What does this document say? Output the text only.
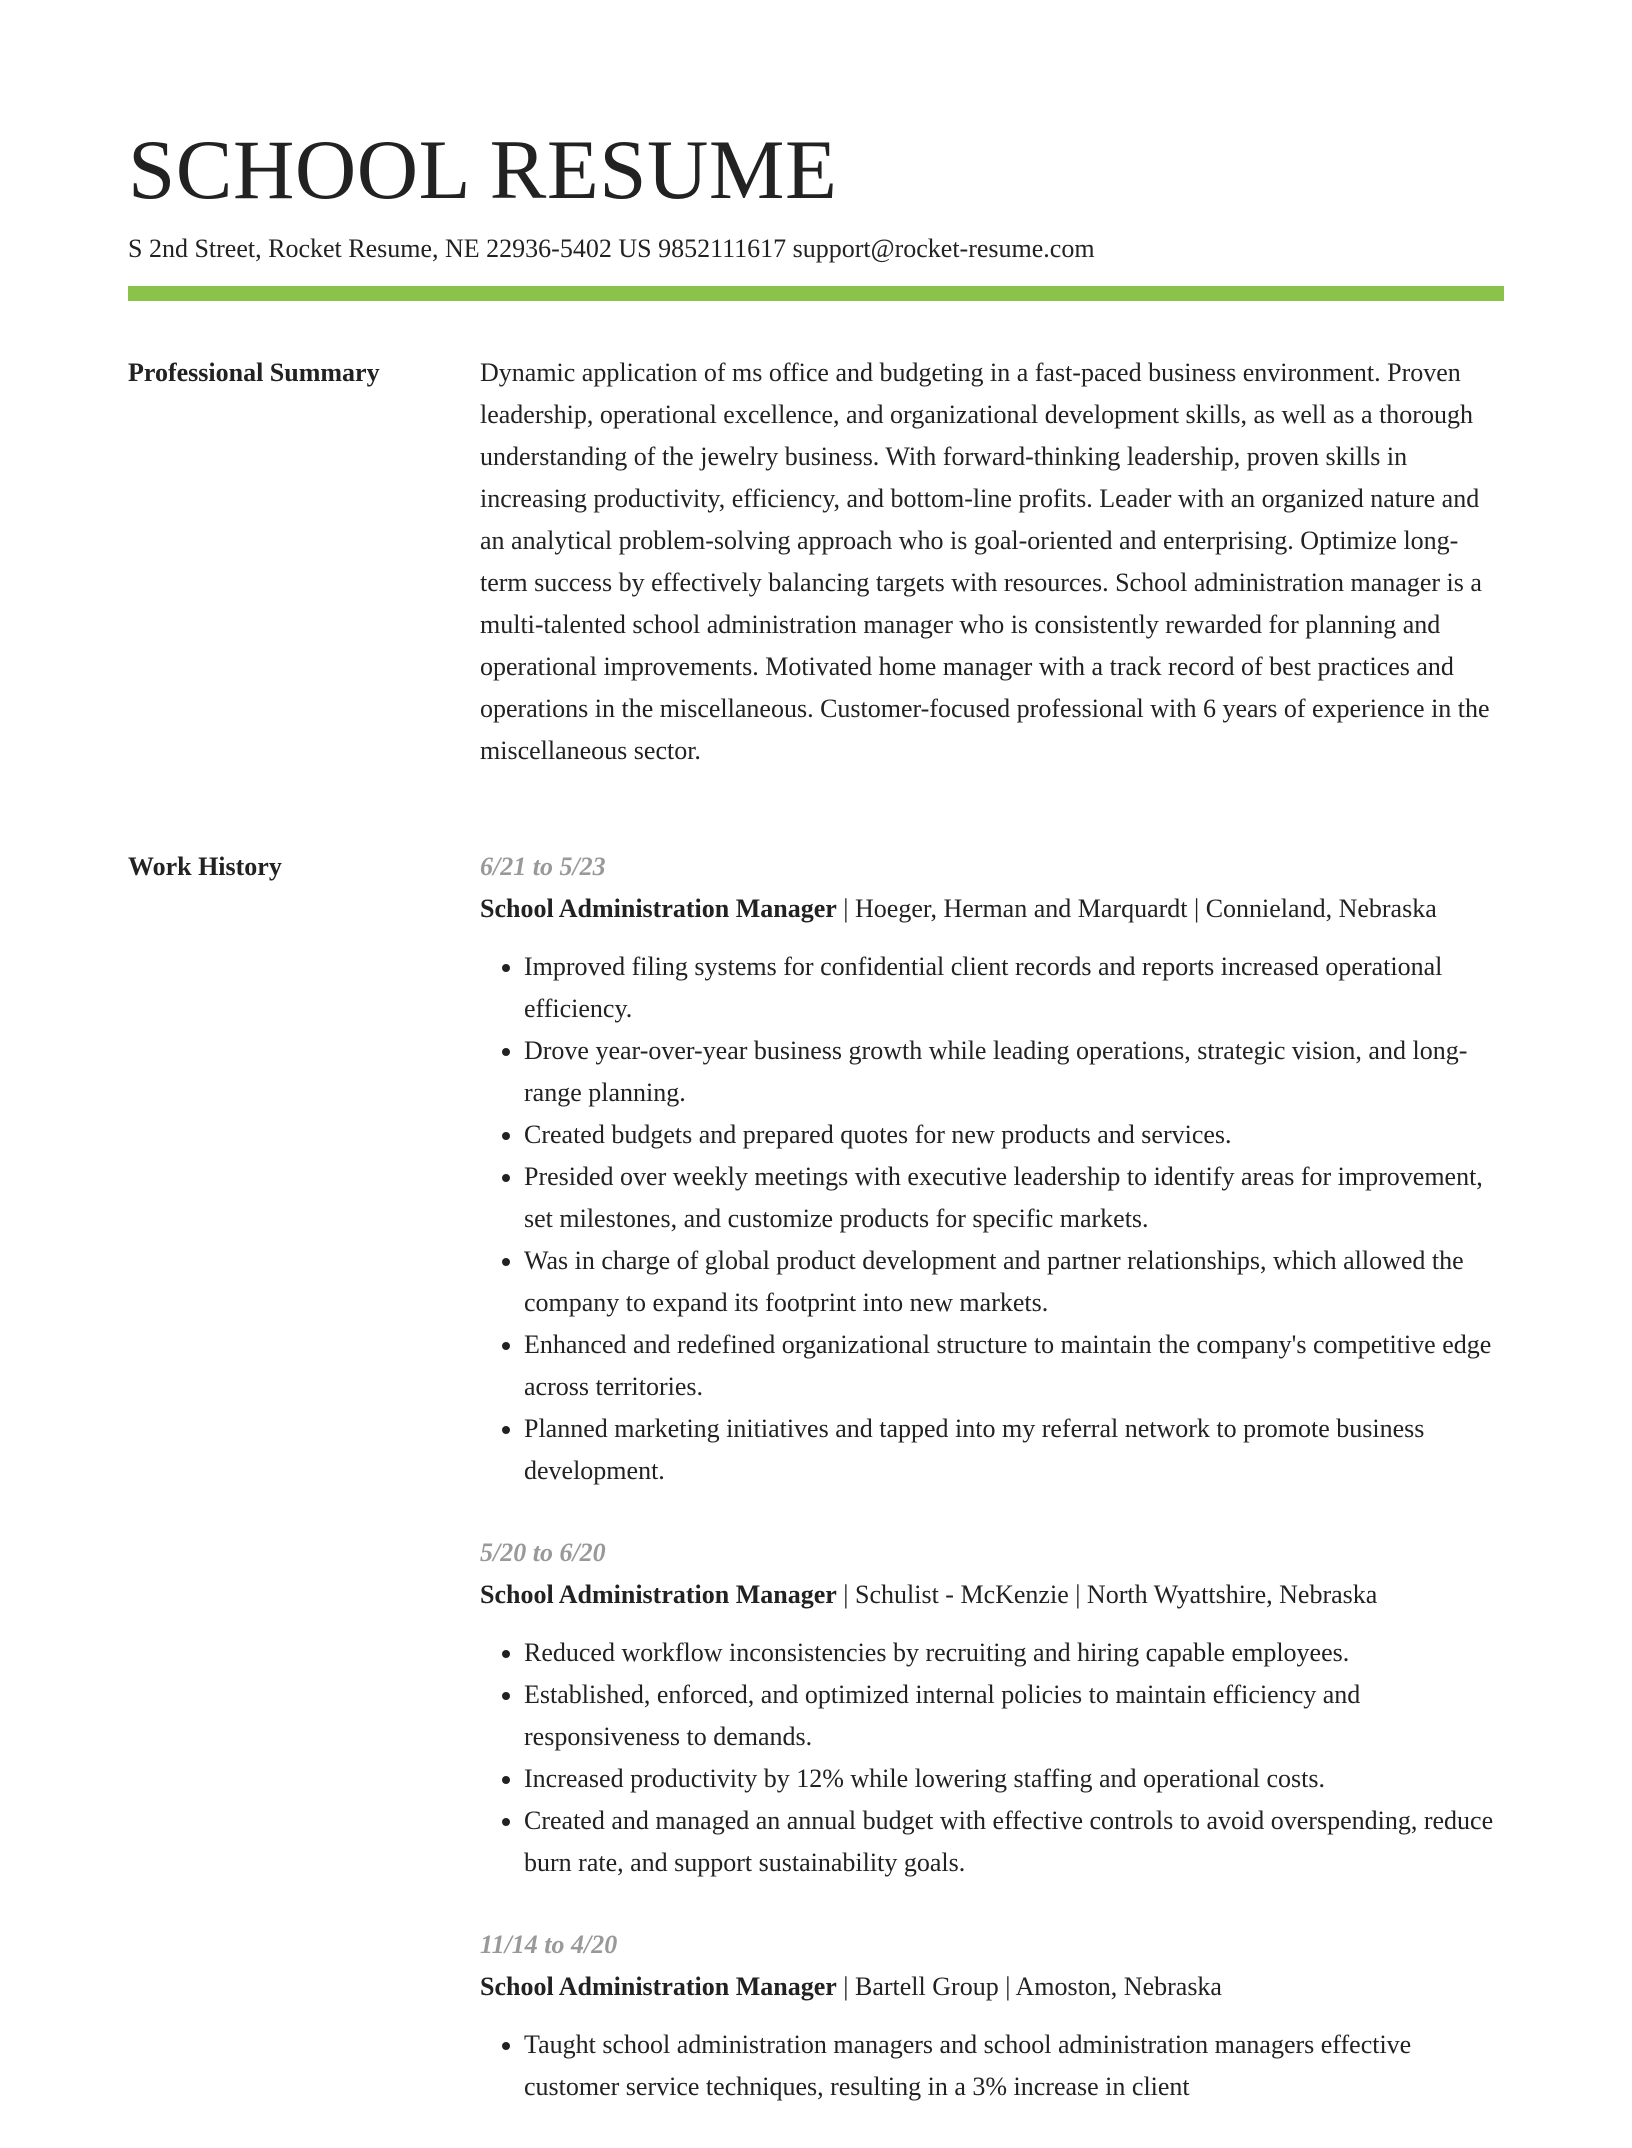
SCHOOL RESUME
S 2nd Street, Rocket Resume, NE 22936-5402 US 9852111617 support@rocket-resume.com
Professional Summary	Dynamic application of ms office and budgeting in a fast-paced business environment. Proven leadership, operational excellence, and organizational development skills, as well as a thorough understanding of the jewelry business. With forward-thinking leadership, proven skills in increasing productivity, efficiency, and bottom-line profits. Leader with an organized nature and an analytical problem-solving approach who is goal-oriented and enterprising. Optimize long-term success by effectively balancing targets with resources. School administration manager is a multi-talented school administration manager who is consistently rewarded for planning and operational improvements. Motivated home manager with a track record of best practices and operations in the miscellaneous. Customer-focused professional with 6 years of experience in the miscellaneous sector.

Work History	6/21 to 5/23
School Administration Manager | Hoeger, Herman and Marquardt | Connieland, Nebraska
• Improved filing systems for confidential client records and reports increased operational efficiency.
• Drove year-over-year business growth while leading operations, strategic vision, and long-range planning.
• Created budgets and prepared quotes for new products and services.
• Presided over weekly meetings with executive leadership to identify areas for improvement, set milestones, and customize products for specific markets.
• Was in charge of global product development and partner relationships, which allowed the company to expand its footprint into new markets.
• Enhanced and redefined organizational structure to maintain the company's competitive edge across territories.
• Planned marketing initiatives and tapped into my referral network to promote business development.
5/20 to 6/20
School Administration Manager | Schulist - McKenzie | North Wyattshire, Nebraska
• Reduced workflow inconsistencies by recruiting and hiring capable employees.
• Established, enforced, and optimized internal policies to maintain efficiency and responsiveness to demands.
• Increased productivity by 12% while lowering staffing and operational costs.
• Created and managed an annual budget with effective controls to avoid overspending, reduce burn rate, and support sustainability goals.
11/14 to 4/20
School Administration Manager | Bartell Group | Amoston, Nebraska
• Taught school administration managers and school administration managers effective customer service techniques, resulting in a 3% increase in client
